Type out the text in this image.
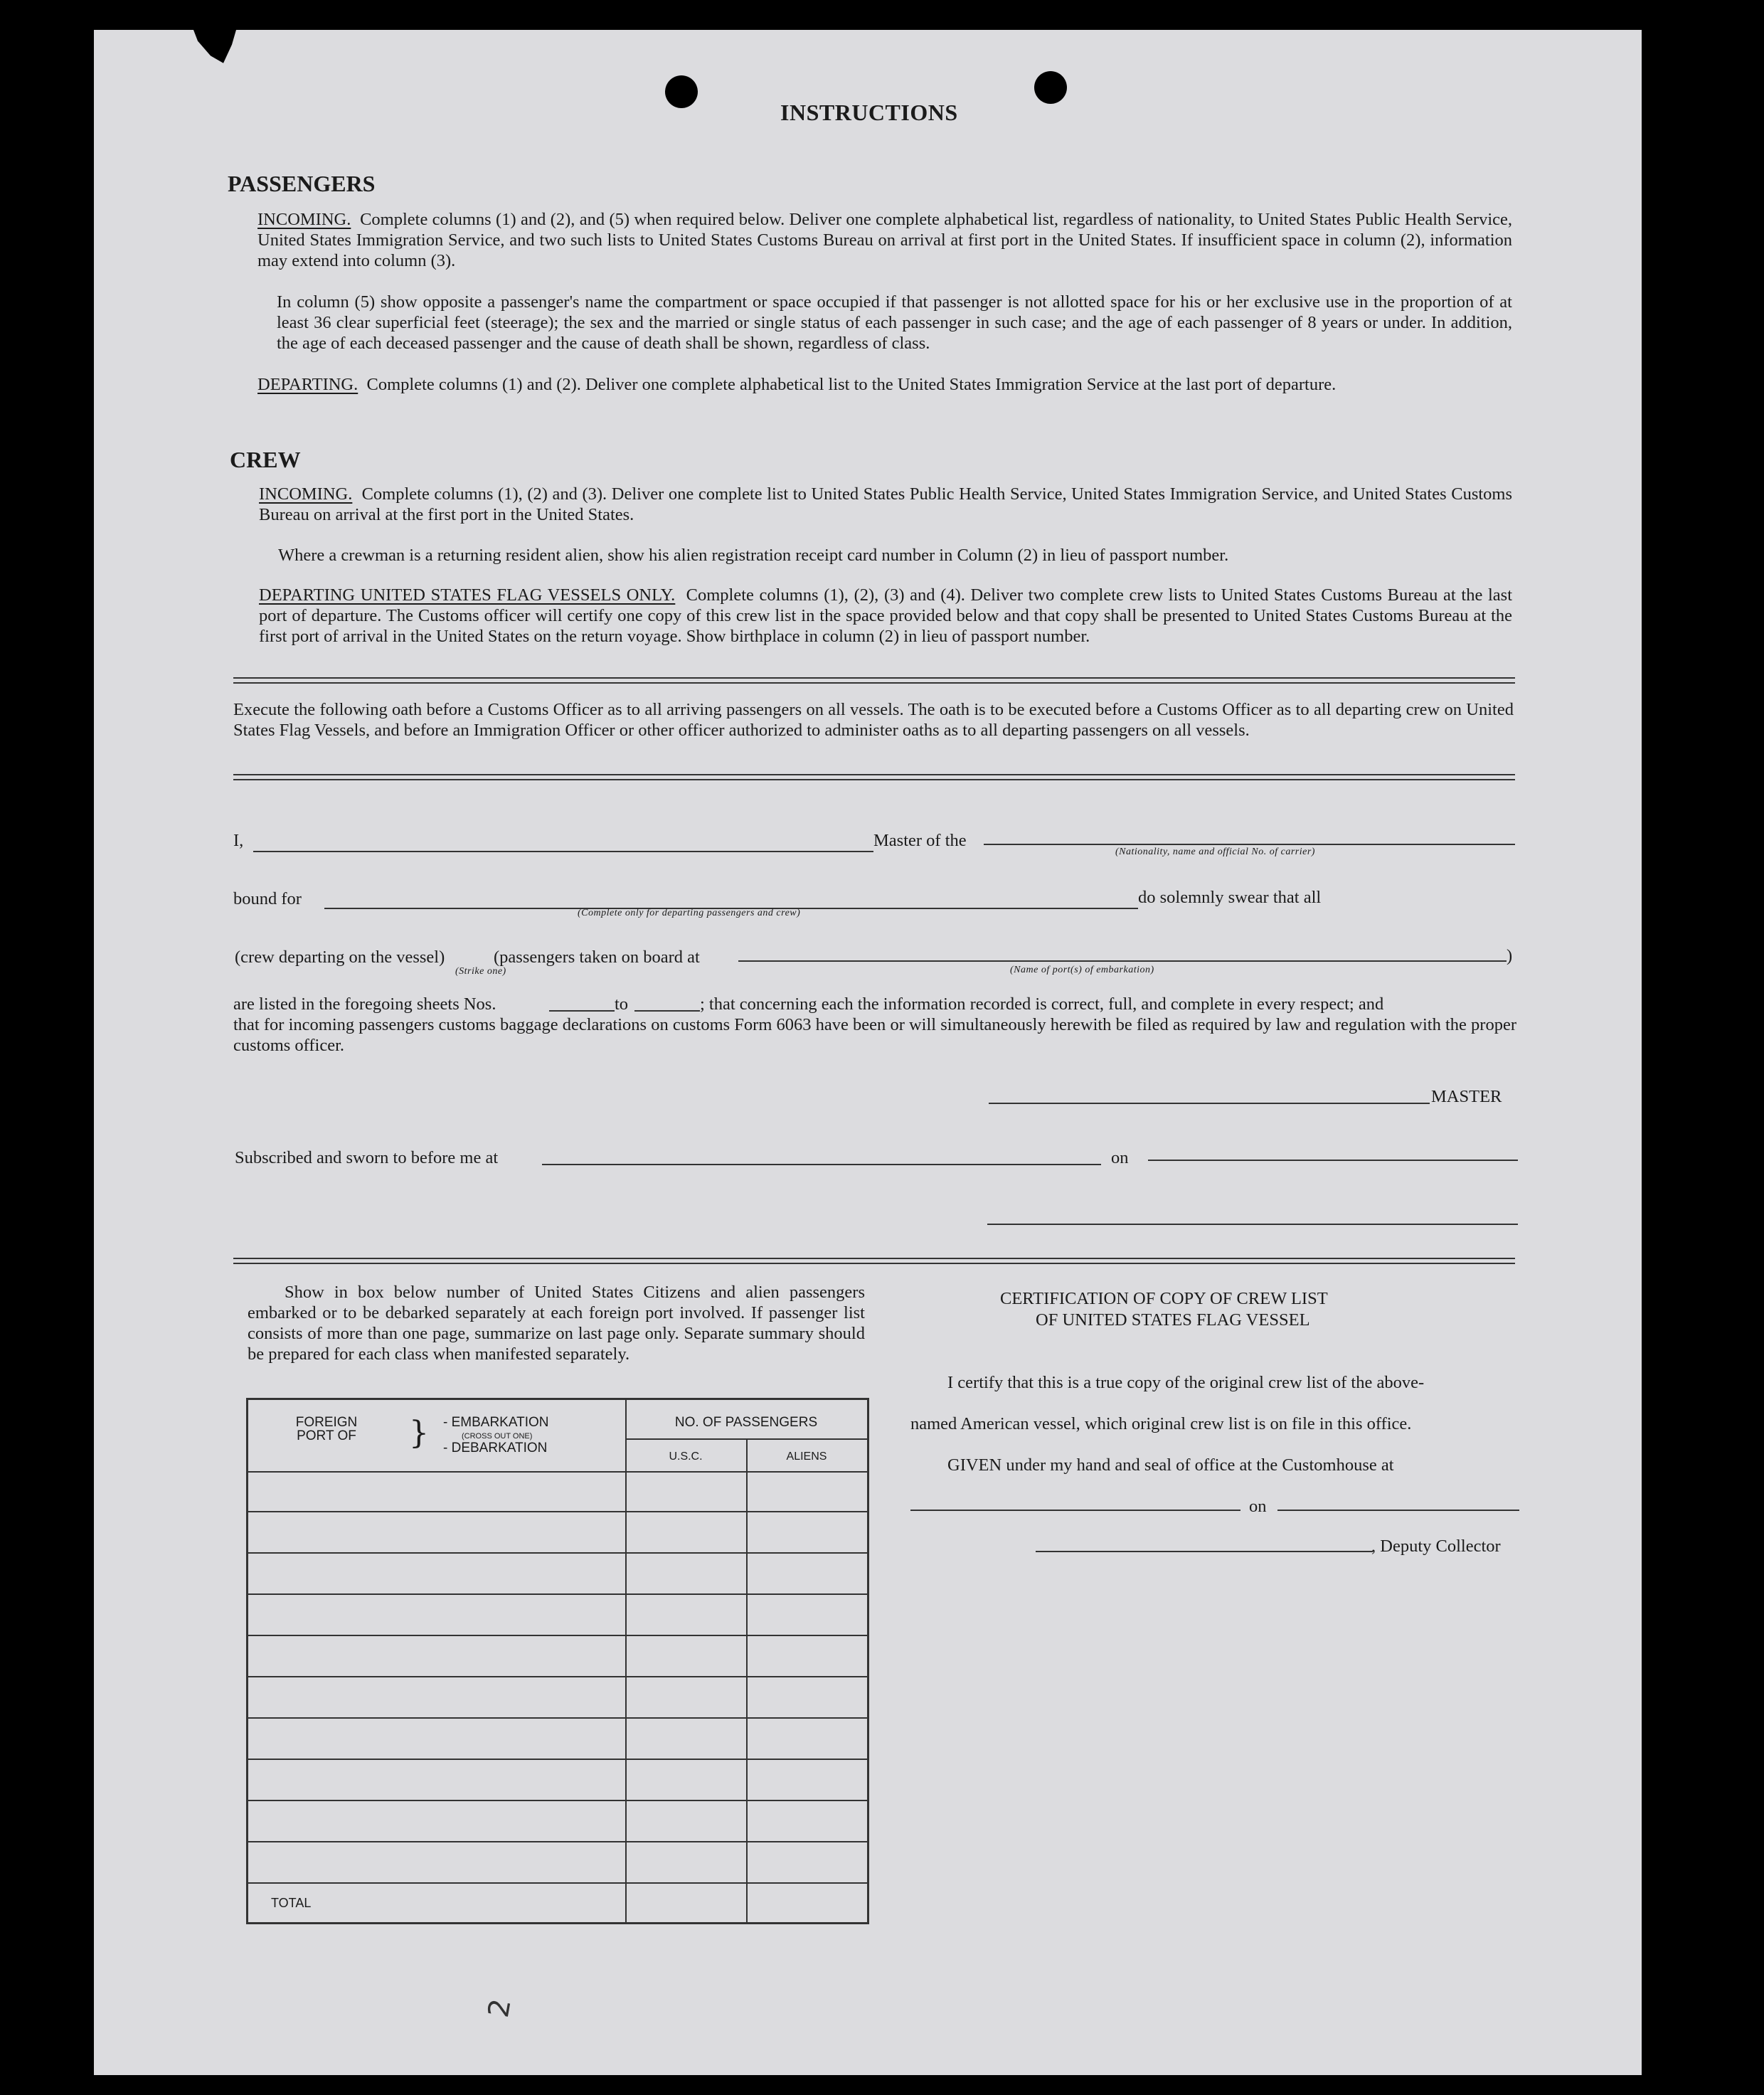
INSTRUCTIONS
PASSENGERS

INCOMING. Complete columns (1) and (2), and (5) when required below. Deliver one complete alphabetical list, regardless of nationality, to United States Public Health Service, United States Immigration Service, and two such lists to United States Customs Bureau on arrival at first port in the United States. If insufficient space in column (2), information may extend into column (3).

In column (5) show opposite a passenger's name the compartment or space occupied if that passenger is not allotted space for his or her exclusive use in the proportion of at least 36 clear superficial feet (steerage); the sex and the married or single status of each passenger in such case; and the age of each passenger of 8 years or under. In addition, the age of each deceased passenger and the cause of death shall be shown, regardless of class.

DEPARTING. Complete columns (1) and (2). Deliver one complete alphabetical list to the United States Immigration Service at the last port of departure.

CREW

INCOMING. Complete columns (1), (2) and (3). Deliver one complete list to United States Public Health Service, United States Immigration Service, and United States Customs Bureau on arrival at the first port in the United States.

Where a crewman is a returning resident alien, show his alien registration receipt card number in Column (2) in lieu of passport number.

DEPARTING UNITED STATES FLAG VESSELS ONLY. Complete columns (1), (2), (3) and (4). Deliver two complete crew lists to United States Customs Bureau at the last port of departure. The Customs officer will certify one copy of this crew list in the space provided below and that copy shall be presented to United States Customs Bureau at the first port of arrival in the United States on the return voyage. Show birthplace in column (2) in lieu of passport number.

Execute the following oath before a Customs Officer as to all arriving passengers on all vessels. The oath is to be executed before a Customs Officer as to all departing crew on United States Flag Vessels, and before an Immigration Officer or other officer authorized to administer oaths as to all departing passengers on all vessels.

I,	Master of the
(Nationality, name and official No. of carrier)
bound for	do solemnly swear that all
(Complete only for departing passengers and crew)
(crew departing on the vessel)	(passengers taken on board at	)
(Strike one)	(Name of port(s) of embarkation)
are listed in the foregoing sheets Nos.	to	; that concerning each the information recorded is correct, full, and complete in every respect; and

that for incoming passengers customs baggage declarations on customs Form 6063 have been or will simultaneously herewith be filed as required by law and regulation with the proper customs officer.

MASTER
Subscribed and sworn to before me at	on

Show in box below number of United States Citizens and alien passengers embarked or to be debarked separately at each foreign port involved. If passenger list consists of more than one page, summarize on last page only. Separate summary should be prepared for each class when manifested separately.

FOREIGN PORT OF	} - EMBARKATION
(CROSS OUT ONE)
- DEBARKATION
NO. OF PASSENGERS
U.S.C.	ALIENS
TOTAL
CERTIFICATION OF COPY OF CREW LIST
OF UNITED STATES FLAG VESSEL
I certify that this is a true copy of the original crew list of the above-
named American vessel, which original crew list is on file in this office.
GIVEN under my hand and seal of office at the Customhouse at
on
, Deputy Collector
2
